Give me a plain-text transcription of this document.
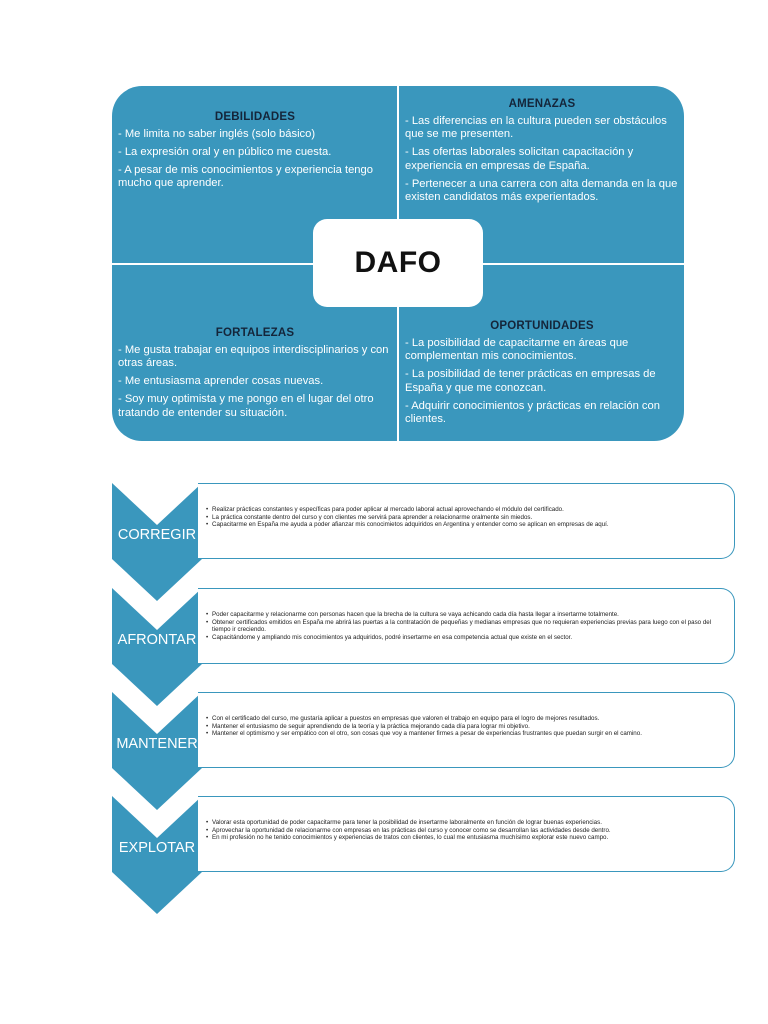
DEBILIDADES
- Me limita no saber inglés (solo básico)
- La expresión oral y en público me cuesta.
- A pesar de mis conocimientos y experiencia tengo mucho que aprender.
AMENAZAS
- Las diferencias en la cultura pueden ser obstáculos que se me presenten.
- Las ofertas laborales solicitan capacitación y experiencia en empresas de España.
- Pertenecer a una carrera con alta demanda en la que existen candidatos más experientados.
FORTALEZAS
- Me gusta trabajar en equipos interdisciplinarios y con otras áreas.
- Me entusiasma aprender cosas nuevas.
- Soy muy optimista y me pongo en el lugar del otro tratando de entender su situación.
OPORTUNIDADES
- La posibilidad de capacitarme en áreas que complementan mis conocimientos.
- La posibilidad de tener prácticas en empresas de España y que me conozcan.
- Adquirir conocimientos y prácticas en relación con clientes.
DAFO
CORREGIR
• Realizar prácticas constantes y específicas para poder aplicar al mercado laboral actual aprovechando el módulo del certificado.
• La práctica constante dentro del curso y con clientes me servirá para aprender a relacionarme oralmente sin miedos.
• Capacitarme en España me ayuda a poder afianzar mis conocimietos adquiridos en Argentina y entender como se aplican en empresas de aquí.
AFRONTAR
• Poder capacitarme y relacionarme con personas hacen que la brecha de la cultura se vaya achicando cada día hasta llegar a insertarme totalmente.
• Obtener certificados emitidos en España me abrirá las puertas a la contratación de pequeñas y medianas empresas que no requieran experiencias previas para luego con el paso del tiempo ir creciendo.
• Capacitándome y ampliando mis conocimientos ya adquiridos, podré insertarme en esa competencia actual que existe en el sector.
MANTENER
• Con el certificado del curso, me gustaría aplicar a puestos en empresas que valoren el trabajo en equipo para el logro de mejores resultados.
• Mantener el entusiasmo de seguir aprendiendo de la teoría y la práctica mejorando cada día para lograr mi objetivo.
• Mantener el optimismo y ser empático con el otro, son cosas que voy a mantener firmes a pesar de experiencias frustrantes que puedan surgir en el camino.
EXPLOTAR
• Valorar esta oportunidad de poder capacitarme para tener la posibilidad de insertarme laboralmente en función de lograr buenas experiencias.
• Aprovechar la oportunidad de relacionarme con empresas en las prácticas del curso y conocer como se desarrollan las actividades desde dentro.
• En mi profesión no he tenido conocimientos y experiencias de tratos con clientes, lo cual me entusiasma muchísimo explorar este nuevo campo.
